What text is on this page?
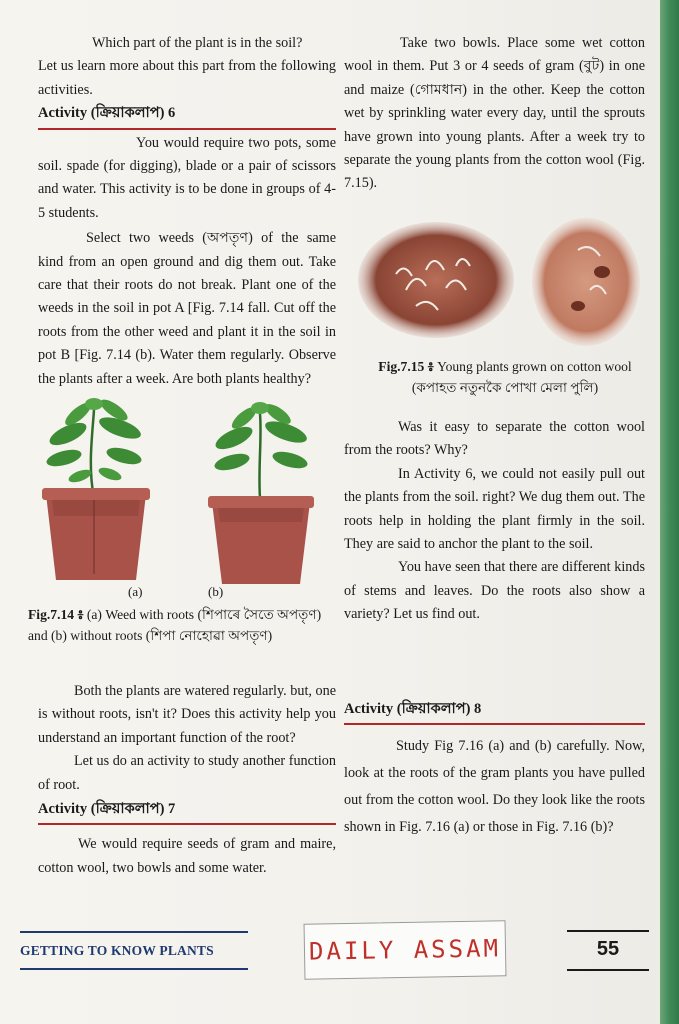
Which part of the plant is in the soil?

Let us learn more about this part from the following activities.

Activity (ক্ৰিয়াকলাপ) 6

You would require two pots, some soil. spade (for digging), blade or a pair of scissors and water. This activity is to be done in groups of 4-5 students.

Select two weeds (অপতৃণ) of the same kind from an open ground and dig them out. Take care that their roots do not break. Plant one of the weeds in the soil in pot A [Fig. 7.14 fall. Cut off the roots from the other weed and plant it in the soil in pot B [Fig. 7.14 (b). Water them regularly. Observe the plants after a week. Are both plants healthy?

(a)	(b)
Fig.7.14 ៖ (a) Weed with roots (শিপাৰে সৈতে অপতৃণ) and (b) without roots (শিপা নোহোৱা অপতৃণ)

Both the plants are watered regularly. but, one is without roots, isn't it? Does this activity help you understand an important function of the root?

Let us do an activity to study another function of root.

Activity (ক্ৰিয়াকলাপ) 7

We would require seeds of gram and maire, cotton wool, two bowls and some water.

Take two bowls. Place some wet cotton wool in them. Put 3 or 4 seeds of gram (বুট) in one and maize (গোমধান) in the other. Keep the cotton wet by sprinkling water every day, until the sprouts have grown into young plants. After a week try to separate the young plants from the cotton wool (Fig. 7.15).

Fig.7.15 ៖ Young plants grown on cotton wool (কপাহত নতুনকৈ পোখা মেলা পুলি)

Was it easy to separate the cotton wool from the roots? Why?

In Activity 6, we could not easily pull out the plants from the soil. right? We dug them out. The roots help in holding the plant firmly in the soil. They are said to anchor the plant to the soil.

You have seen that there are different kinds of stems and leaves. Do the roots also show a variety? Let us find out.

Activity (ক্ৰিয়াকলাপ) 8

Study Fig 7.16 (a) and (b) carefully. Now, look at the roots of the gram plants you have pulled out from the cotton wool. Do they look like the roots shown in Fig. 7.16 (a) or those in Fig. 7.16 (b)?

GETTING TO KNOW PLANTS	DAILY ASSAM	55
